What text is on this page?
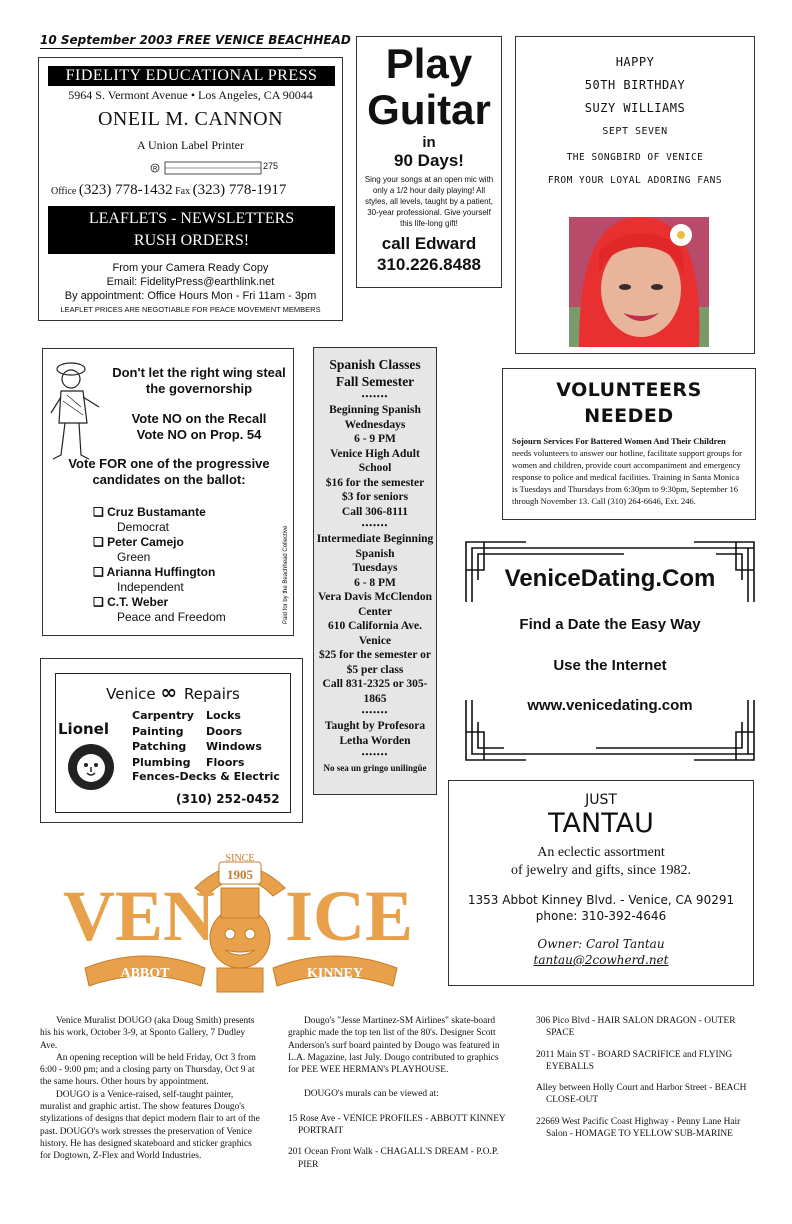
10 September 2003 FREE VENICE BEACHHEAD
FIDELITY EDUCATIONAL PRESS
5964 S. Vermont Avenue • Los Angeles, CA 90044
ONEIL M. CANNON
A Union Label Printer
R	275
Office (323) 778-1432 Fax (323) 778-1917
LEAFLETS - NEWSLETTERS
RUSH ORDERS!
From your Camera Ready Copy
Email: FidelityPress@earthlink.net
By appointment: Office Hours Mon - Fri 11am - 3pm
LEAFLET PRICES ARE NEGOTIABLE FOR PEACE MOVEMENT MEMBERS
Play
Guitar
in
90 Days!
Sing your songs at an open mic with only a 1/2 hour daily playing! All styles, all levels, taught by a patient, 30-year professional. Give yourself this life-long gift!
call Edward
310.226.8488
HAPPY
50TH BIRTHDAY
SUZY WILLIAMS
SEPT SEVEN
THE SONGBIRD OF VENICE
FROM YOUR LOYAL ADORING FANS
Don't let the right wing steal the governorship
Vote NO on the Recall
Vote NO on Prop. 54
Vote FOR one of the progressive candidates on the ballot:
❑ Cruz Bustamante
Democrat
❑ Peter Camejo
Green
❑ Arianna Huffington
Independent
❑ C.T. Weber
Peace and Freedom	Paid for by the Beachhead Collective
Spanish Classes
Fall Semester
•••••••
Beginning Spanish
Wednesdays
6 - 9 PM
Venice High Adult School
$16 for the semester
$3 for seniors
Call 306-8111
•••••••
Intermediate Beginning Spanish
Tuesdays
6 - 8 PM
Vera Davis McClendon Center
610 California Ave. Venice
$25 for the semester or $5 per class
Call 831-2325 or 305-1865
•••••••
Taught by Profesora Letha Worden
•••••••
No sea un gringo unilingüe
VOLUNTEERS NEEDED
Sojourn Services For Battered Women And Their Children needs volunteers to answer our hotline, facilitate support groups for women and children, provide court accompaniment and emergency response to police and medical facilities. Training in Santa Monica is Tuesdays and Thursdays from 6:30pm to 9:30pm, September 16 through November 13. Call (310) 264-6646, Ext. 246.
VeniceDating.Com
Find a Date the Easy Way
Use the Internet
www.venicedating.com
Venice ∞ Repairs
Lionel
Carpentry Locks
Painting Doors
Patching Windows
Plumbing Floors
Fences-Decks & Electric
(310) 252-0452	JUST
TANTAU
An eclectic assortment
of jewelry and gifts, since 1982.
1353 Abbot Kinney Blvd. - Venice, CA 90291
phone: 310-392-4646
Owner: Carol Tantau
tantau@2cowherd.net
SINCE
1905
VEN ICE
ABBOT	KINNEY

Venice Muralist DOUGO (aka Doug Smith) presents his his work, October 3-9, at Sponto Gallery, 7 Dudley Ave.

An opening reception will be held Friday, Oct 3 from 6:00 - 9:00 pm; and a closing party on Thursday, Oct 9 at the same hours. Other hours by appointment.

DOUGO is a Venice-raised, self-taught painter, muralist and graphic artist. The show features Dougo's stylizations of designs that depict modern flair to art of the past. DOUGO's work stresses the preservation of Venice history. He has designed skateboard and sticker graphics for Dogtown, Z-Flex and World Industries.

Dougo's "Jesse Martinez-SM Airlines" skate-board graphic made the top ten list of the 80's. Designer Scott Anderson's surf board painted by Dougo was featured in L.A. Magazine, last July. Dougo contributed to graphics for PEE WEE HERMAN's PLAYHOUSE.

DOUGO's murals can be viewed at:

15 Rose Ave - VENICE PROFILES - ABBOTT KINNEY PORTRAIT
201 Ocean Front Walk - CHAGALL'S DREAM - P.O.P. PIER
306 Pico Blvd - HAIR SALON DRAGON - OUTER SPACE
2011 Main ST - BOARD SACRIFICE and FLYING EYEBALLS
Alley between Holly Court and Harbor Street - BEACH CLOSE-OUT
22669 West Pacific Coast Highway - Penny Lane Hair Salon - HOMAGE TO YELLOW SUB-MARINE
